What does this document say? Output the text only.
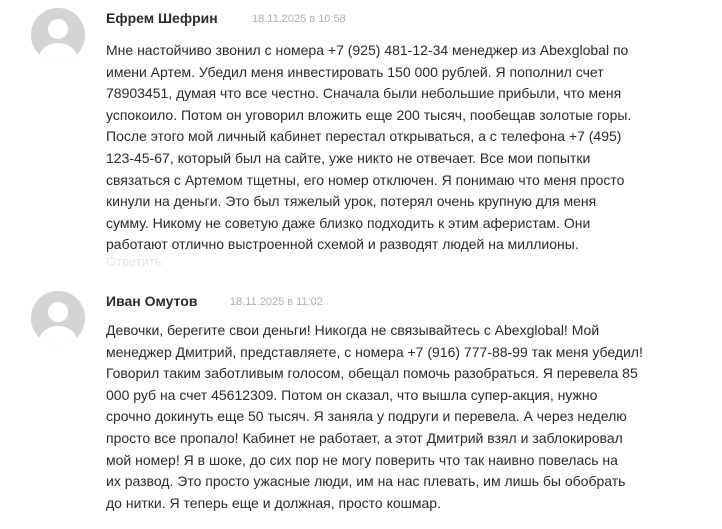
Ефрем Шефрин	18.11.2025 в 10:58

Мне настойчиво звонил с номера +7 (925) 481-12-34 менеджер из Abexglobal по

имени Артем. Убедил меня инвестировать 150 000 рублей. Я пополнил счет

78903451, думая что все честно. Сначала были небольшие прибыли, что меня

успокоило. Потом он уговорил вложить еще 200 тысяч, пообещав золотые горы.

После этого мой личный кабинет перестал открываться, а с телефона +7 (495)

123-45-67, который был на сайте, уже никто не отвечает. Все мои попытки

связаться с Артемом тщетны, его номер отключен. Я понимаю что меня просто

кинули на деньги. Это был тяжелый урок, потерял очень крупную для меня

сумму. Никому не советую даже близко подходить к этим аферистам. Они

работают отлично выстроенной схемой и разводят людей на миллионы.

Ответить
Иван Омутов	18.11.2025 в 11:02

Девочки, берегите свои деньги! Никогда не связывайтесь с Abexglobal! Мой

менеджер Дмитрий, представляете, с номера +7 (916) 777-88-99 так меня убедил!

Говорил таким заботливым голосом, обещал помочь разобраться. Я перевела 85

000 руб на счет 45612309. Потом он сказал, что вышла супер-акция, нужно

срочно докинуть еще 50 тысяч. Я заняла у подруги и перевела. А через неделю

просто все пропало! Кабинет не работает, а этот Дмитрий взял и заблокировал

мой номер! Я в шоке, до сих пор не могу поверить что так наивно повелась на

их развод. Это просто ужасные люди, им на нас плевать, им лишь бы обобрать

до нитки. Я теперь еще и должная, просто кошмар.
